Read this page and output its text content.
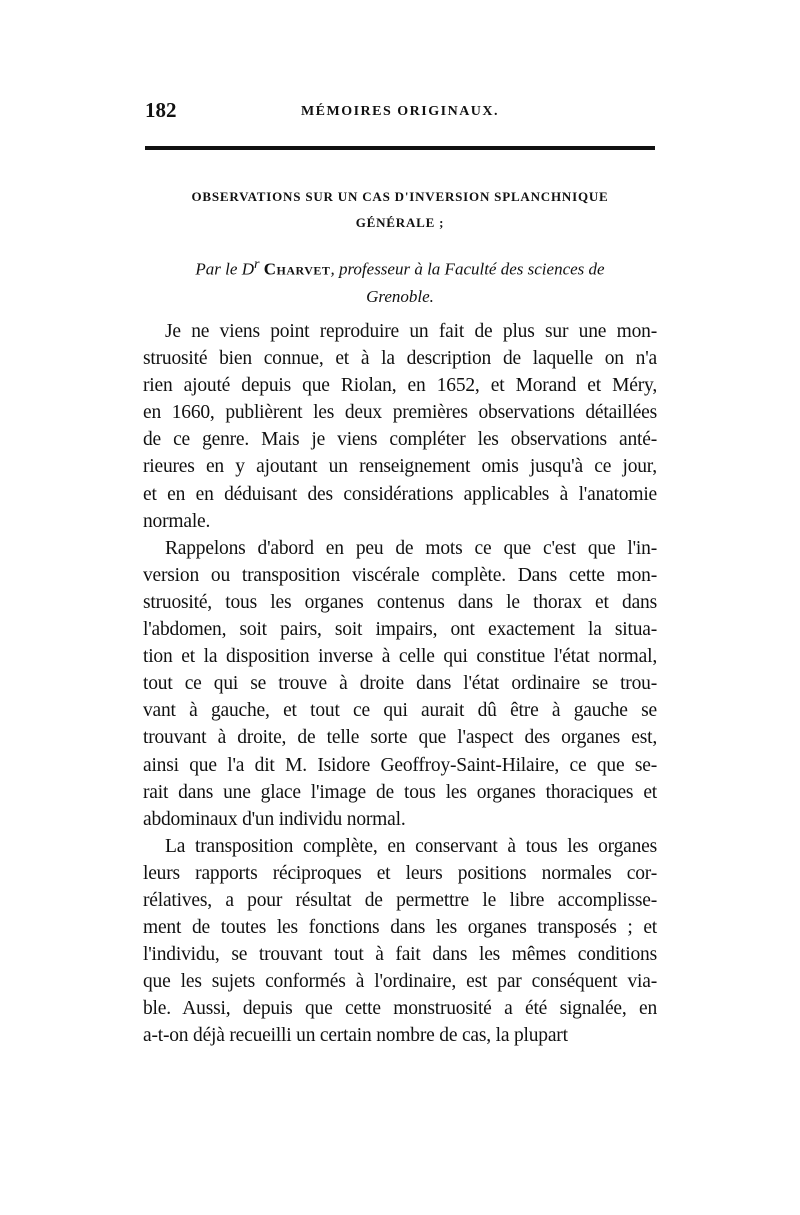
182	MÉMOIRES ORIGINAUX.
OBSERVATIONS SUR UN CAS D'INVERSION SPLANCHNIQUE
GÉNÉRALE ;
Par le $D^r$ Charvet, professeur à la Faculté des sciences de
Grenoble.
Je ne viens point reproduire un fait de plus sur une mon-
struosité bien connue, et à la description de laquelle on n'a
rien ajouté depuis que Riolan, en 1652, et Morand et Méry,
en 1660, publièrent les deux premières observations détaillées
de ce genre. Mais je viens compléter les observations anté-
rieures en y ajoutant un renseignement omis jusqu'à ce jour,
et en en déduisant des considérations applicables à l'anatomie
normale.
Rappelons d'abord en peu de mots ce que c'est que l'in-
version ou transposition viscérale complète. Dans cette mon-
struosité, tous les organes contenus dans le thorax et dans
l'abdomen, soit pairs, soit impairs, ont exactement la situa-
tion et la disposition inverse à celle qui constitue l'état normal,
tout ce qui se trouve à droite dans l'état ordinaire se trou-
vant à gauche, et tout ce qui aurait dû être à gauche se
trouvant à droite, de telle sorte que l'aspect des organes est,
ainsi que l'a dit M. Isidore Geoffroy-Saint-Hilaire, ce que se-
rait dans une glace l'image de tous les organes thoraciques et
abdominaux d'un individu normal.
La transposition complète, en conservant à tous les organes
leurs rapports réciproques et leurs positions normales cor-
rélatives, a pour résultat de permettre le libre accomplisse-
ment de toutes les fonctions dans les organes transposés ; et
l'individu, se trouvant tout à fait dans les mêmes conditions
que les sujets conformés à l'ordinaire, est par conséquent via-
ble. Aussi, depuis que cette monstruosité a été signalée, en
a-t-on déjà recueilli un certain nombre de cas, la plupart
